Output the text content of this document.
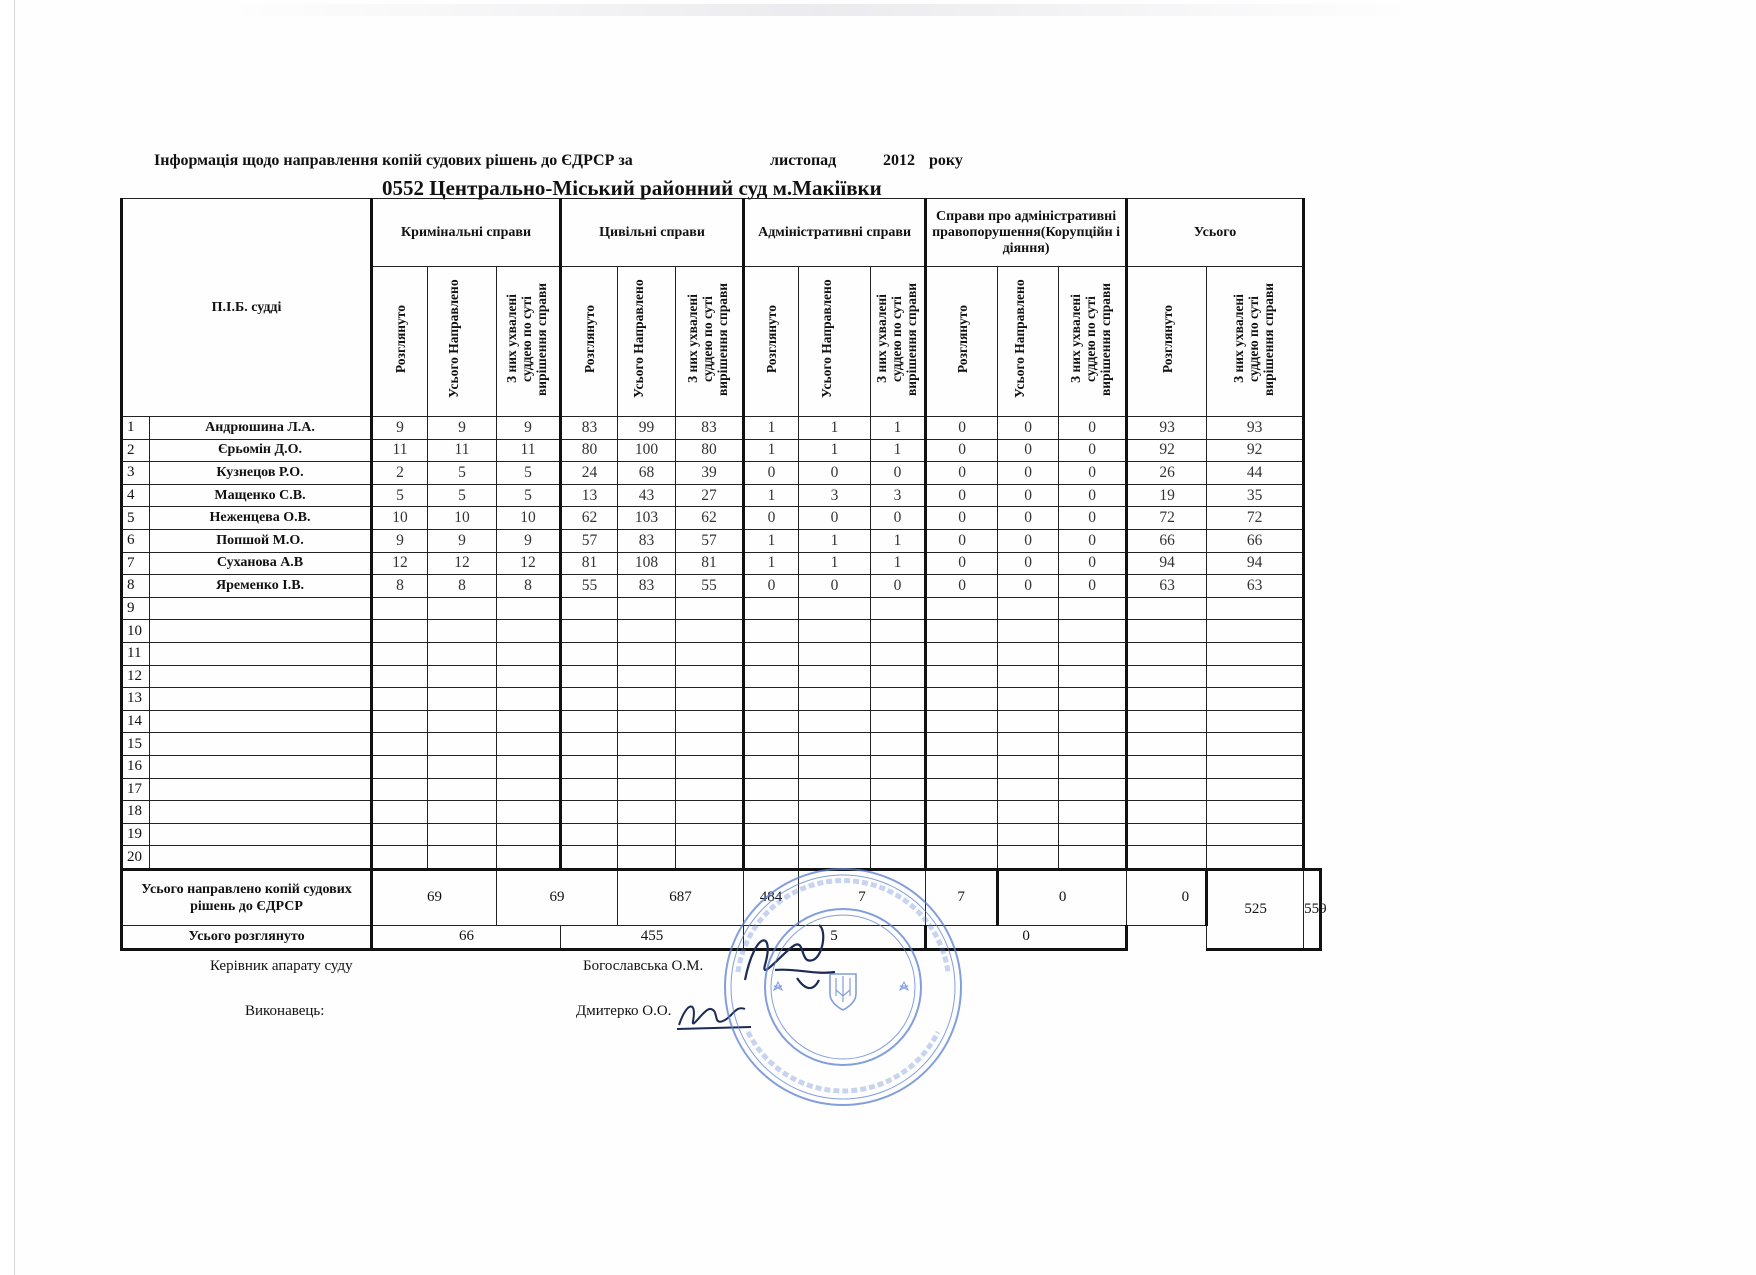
Інформація щодо направлення копій судових рішень до ЄДРСР за	листопад	2012 року
0552 Центрально-Міський районний суд м.Макіївки
П.І.Б. судді		Кримінальні справи			Цивільні справи			Адміністративні справи			Справи про адміністративні правопорушення(Корупційн і діяння)			Усього		
		Розглянуто	Усього Направлено	З них ухвалені суддею по суті вирішення справи	Розглянуто	Усього Направлено	З них ухвалені суддею по суті вирішення справи	Розглянуто	Усього Направлено	З них ухвалені суддею по суті вирішення справи	Розглянуто	Усього Направлено	З них ухвалені суддею по суті вирішення справи	Розглянуто	З них ухвалені суддею по суті вирішення справи	
1	Андрюшина Л.А.	9	9	9	83	99	83	1	1	1	0	0	0	93	93	
2	Єрьомін Д.О.	11	11	11	80	100	80	1	1	1	0	0	0	92	92	
3	Кузнецов Р.О.	2	5	5	24	68	39	0	0	0	0	0	0	26	44	
4	Мащенко С.В.	5	5	5	13	43	27	1	3	3	0	0	0	19	35	
5	Неженцева О.В.	10	10	10	62	103	62	0	0	0	0	0	0	72	72	
6	Попшой М.О.	9	9	9	57	83	57	1	1	1	0	0	0	66	66	
7	Суханова А.В	12	12	12	81	108	81	1	1	1	0	0	0	94	94	
8	Яременко І.В.	8	8	8	55	83	55	0	0	0	0	0	0	63	63	
9																
10																
11																
12																
13																
14																
15																
16																
17																
18																
19																
20																
Усього направлено копій судових рішень до ЄДРСР		69		69		687		484	7		7	0		0	525	559
Усього розглянуто		66			455			5			0					
Керівник апарату суду	Богославська О.М.
Виконавець:	Дмитерко О.О.
